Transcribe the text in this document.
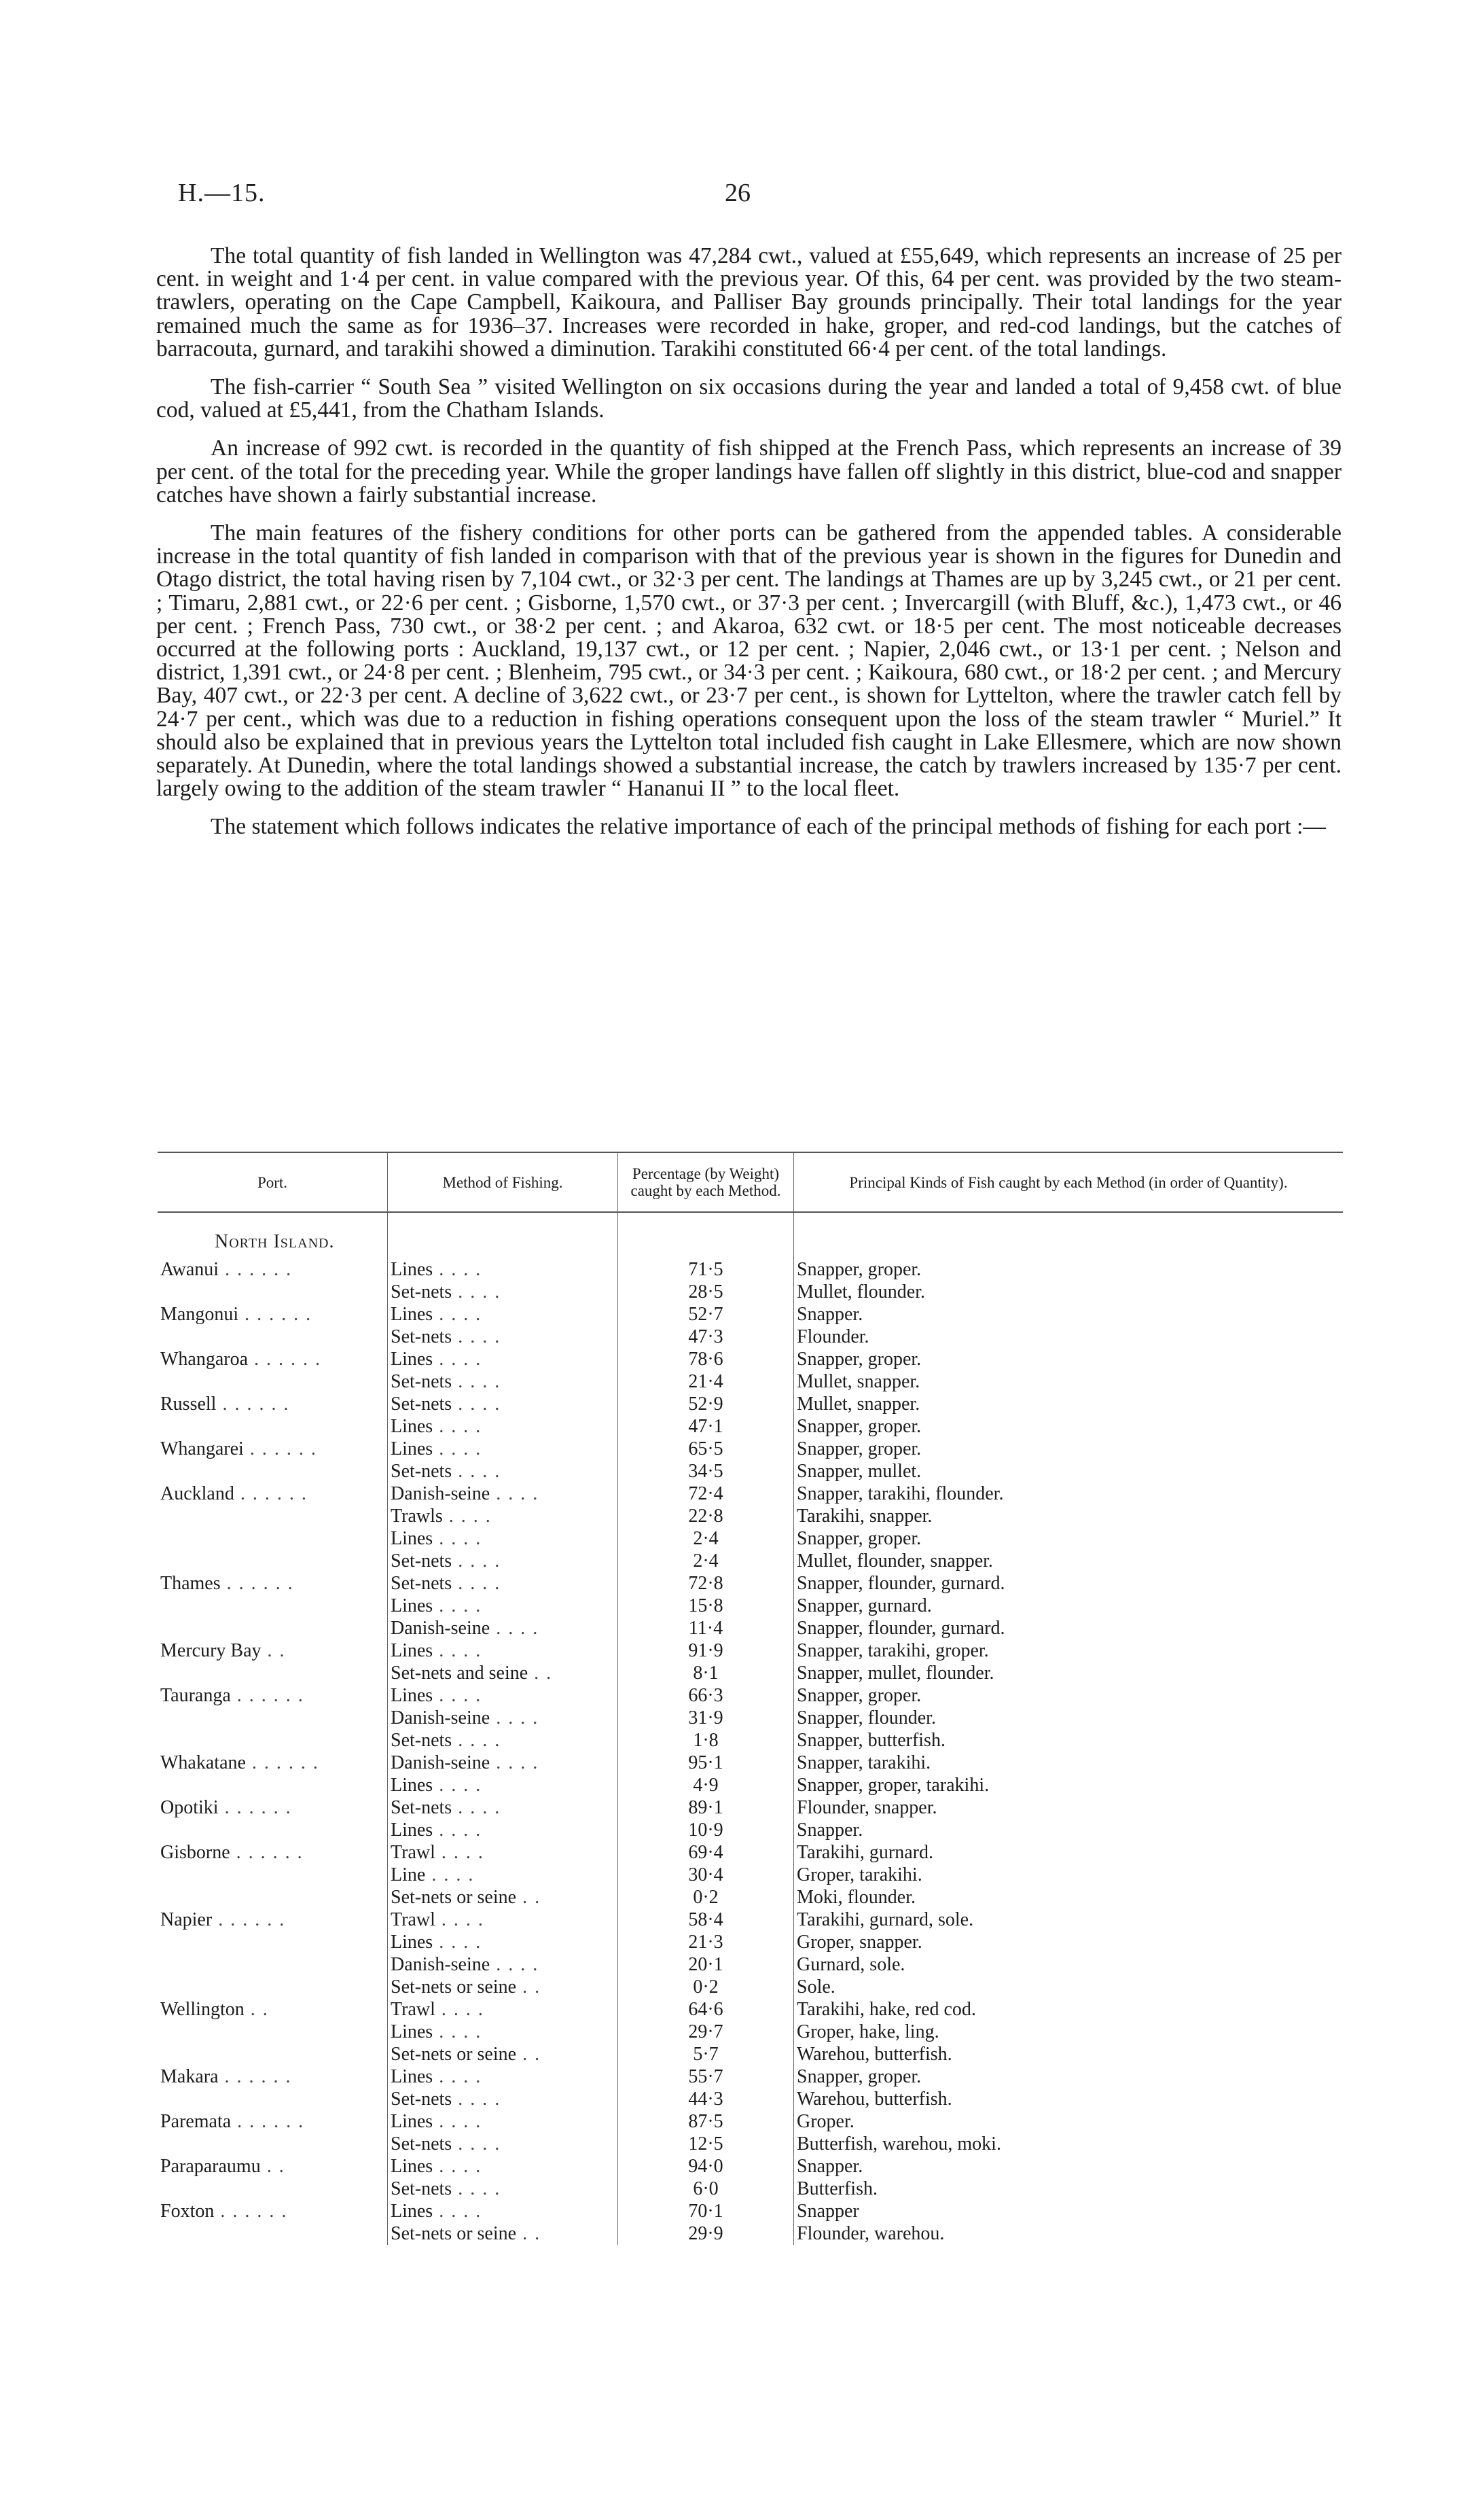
H.—15.	26

The total quantity of fish landed in Wellington was 47,284 cwt., valued at £55,649, which represents an increase of 25 per cent. in weight and 1·4 per cent. in value compared with the previous year. Of this, 64 per cent. was provided by the two steam-trawlers, operating on the Cape Campbell, Kaikoura, and Palliser Bay grounds principally. Their total landings for the year remained much the same as for 1936–37. Increases were recorded in hake, groper, and red-cod landings, but the catches of barracouta, gurnard, and tarakihi showed a diminution. Tarakihi constituted 66·4 per cent. of the total landings.

The fish-carrier “ South Sea ” visited Wellington on six occasions during the year and landed a total of 9,458 cwt. of blue cod, valued at £5,441, from the Chatham Islands.

An increase of 992 cwt. is recorded in the quantity of fish shipped at the French Pass, which represents an increase of 39 per cent. of the total for the preceding year. While the groper landings have fallen off slightly in this district, blue-cod and snapper catches have shown a fairly substantial increase.

The main features of the fishery conditions for other ports can be gathered from the appended tables. A considerable increase in the total quantity of fish landed in comparison with that of the previous year is shown in the figures for Dunedin and Otago district, the total having risen by 7,104 cwt., or 32·3 per cent. The landings at Thames are up by 3,245 cwt., or 21 per cent. ; Timaru, 2,881 cwt., or 22·6 per cent. ; Gisborne, 1,570 cwt., or 37·3 per cent. ; Invercargill (with Bluff, &c.), 1,473 cwt., or 46 per cent. ; French Pass, 730 cwt., or 38·2 per cent. ; and Akaroa, 632 cwt. or 18·5 per cent. The most noticeable decreases occurred at the following ports : Auckland, 19,137 cwt., or 12 per cent. ; Napier, 2,046 cwt., or 13·1 per cent. ; Nelson and district, 1,391 cwt., or 24·8 per cent. ; Blenheim, 795 cwt., or 34·3 per cent. ; Kaikoura, 680 cwt., or 18·2 per cent. ; and Mercury Bay, 407 cwt., or 22·3 per cent. A decline of 3,622 cwt., or 23·7 per cent., is shown for Lyttelton, where the trawler catch fell by 24·7 per cent., which was due to a reduction in fishing operations consequent upon the loss of the steam trawler “ Muriel.” It should also be explained that in previous years the Lyttelton total included fish caught in Lake Ellesmere, which are now shown separately. At Dunedin, where the total landings showed a substantial increase, the catch by trawlers increased by 135·7 per cent. largely owing to the addition of the steam trawler “ Hananui II ” to the local fleet.

The statement which follows indicates the relative importance of each of the principal methods of fishing for each port :—

Port.	Method of Fishing.	Percentage (by Weight) caught by each Method.	Principal Kinds of Fish caught by each Method (in order of Quantity).
North Island.			
Awanui . . . . . .	Lines . . . .	71·5	Snapper, groper.
	Set-nets . . . .	28·5	Mullet, flounder.
Mangonui . . . . . .	Lines . . . .	52·7	Snapper.
	Set-nets . . . .	47·3	Flounder.
Whangaroa . . . . . .	Lines . . . .	78·6	Snapper, groper.
	Set-nets . . . .	21·4	Mullet, snapper.
Russell . . . . . .	Set-nets . . . .	52·9	Mullet, snapper.
	Lines . . . .	47·1	Snapper, groper.
Whangarei . . . . . .	Lines . . . .	65·5	Snapper, groper.
	Set-nets . . . .	34·5	Snapper, mullet.
Auckland . . . . . .	Danish-seine . . . .	72·4	Snapper, tarakihi, flounder.
	Trawls . . . .	22·8	Tarakihi, snapper.
	Lines . . . .	2·4	Snapper, groper.
	Set-nets . . . .	2·4	Mullet, flounder, snapper.
Thames . . . . . .	Set-nets . . . .	72·8	Snapper, flounder, gurnard.
	Lines . . . .	15·8	Snapper, gurnard.
	Danish-seine . . . .	11·4	Snapper, flounder, gurnard.
Mercury Bay . .	Lines . . . .	91·9	Snapper, tarakihi, groper.
	Set-nets and seine . .	8·1	Snapper, mullet, flounder.
Tauranga . . . . . .	Lines . . . .	66·3	Snapper, groper.
	Danish-seine . . . .	31·9	Snapper, flounder.
	Set-nets . . . .	1·8	Snapper, butterfish.
Whakatane . . . . . .	Danish-seine . . . .	95·1	Snapper, tarakihi.
	Lines . . . .	4·9	Snapper, groper, tarakihi.
Opotiki . . . . . .	Set-nets . . . .	89·1	Flounder, snapper.
	Lines . . . .	10·9	Snapper.
Gisborne . . . . . .	Trawl . . . .	69·4	Tarakihi, gurnard.
	Line . . . .	30·4	Groper, tarakihi.
	Set-nets or seine . .	0·2	Moki, flounder.
Napier . . . . . .	Trawl . . . .	58·4	Tarakihi, gurnard, sole.
	Lines . . . .	21·3	Groper, snapper.
	Danish-seine . . . .	20·1	Gurnard, sole.
	Set-nets or seine . .	0·2	Sole.
Wellington . .	Trawl . . . .	64·6	Tarakihi, hake, red cod.
	Lines . . . .	29·7	Groper, hake, ling.
	Set-nets or seine . .	5·7	Warehou, butterfish.
Makara . . . . . .	Lines . . . .	55·7	Snapper, groper.
	Set-nets . . . .	44·3	Warehou, butterfish.
Paremata . . . . . .	Lines . . . .	87·5	Groper.
	Set-nets . . . .	12·5	Butterfish, warehou, moki.
Paraparaumu . .	Lines . . . .	94·0	Snapper.
	Set-nets . . . .	6·0	Butterfish.
Foxton . . . . . .	Lines . . . .	70·1	Snapper
	Set-nets or seine . .	29·9	Flounder, warehou.
